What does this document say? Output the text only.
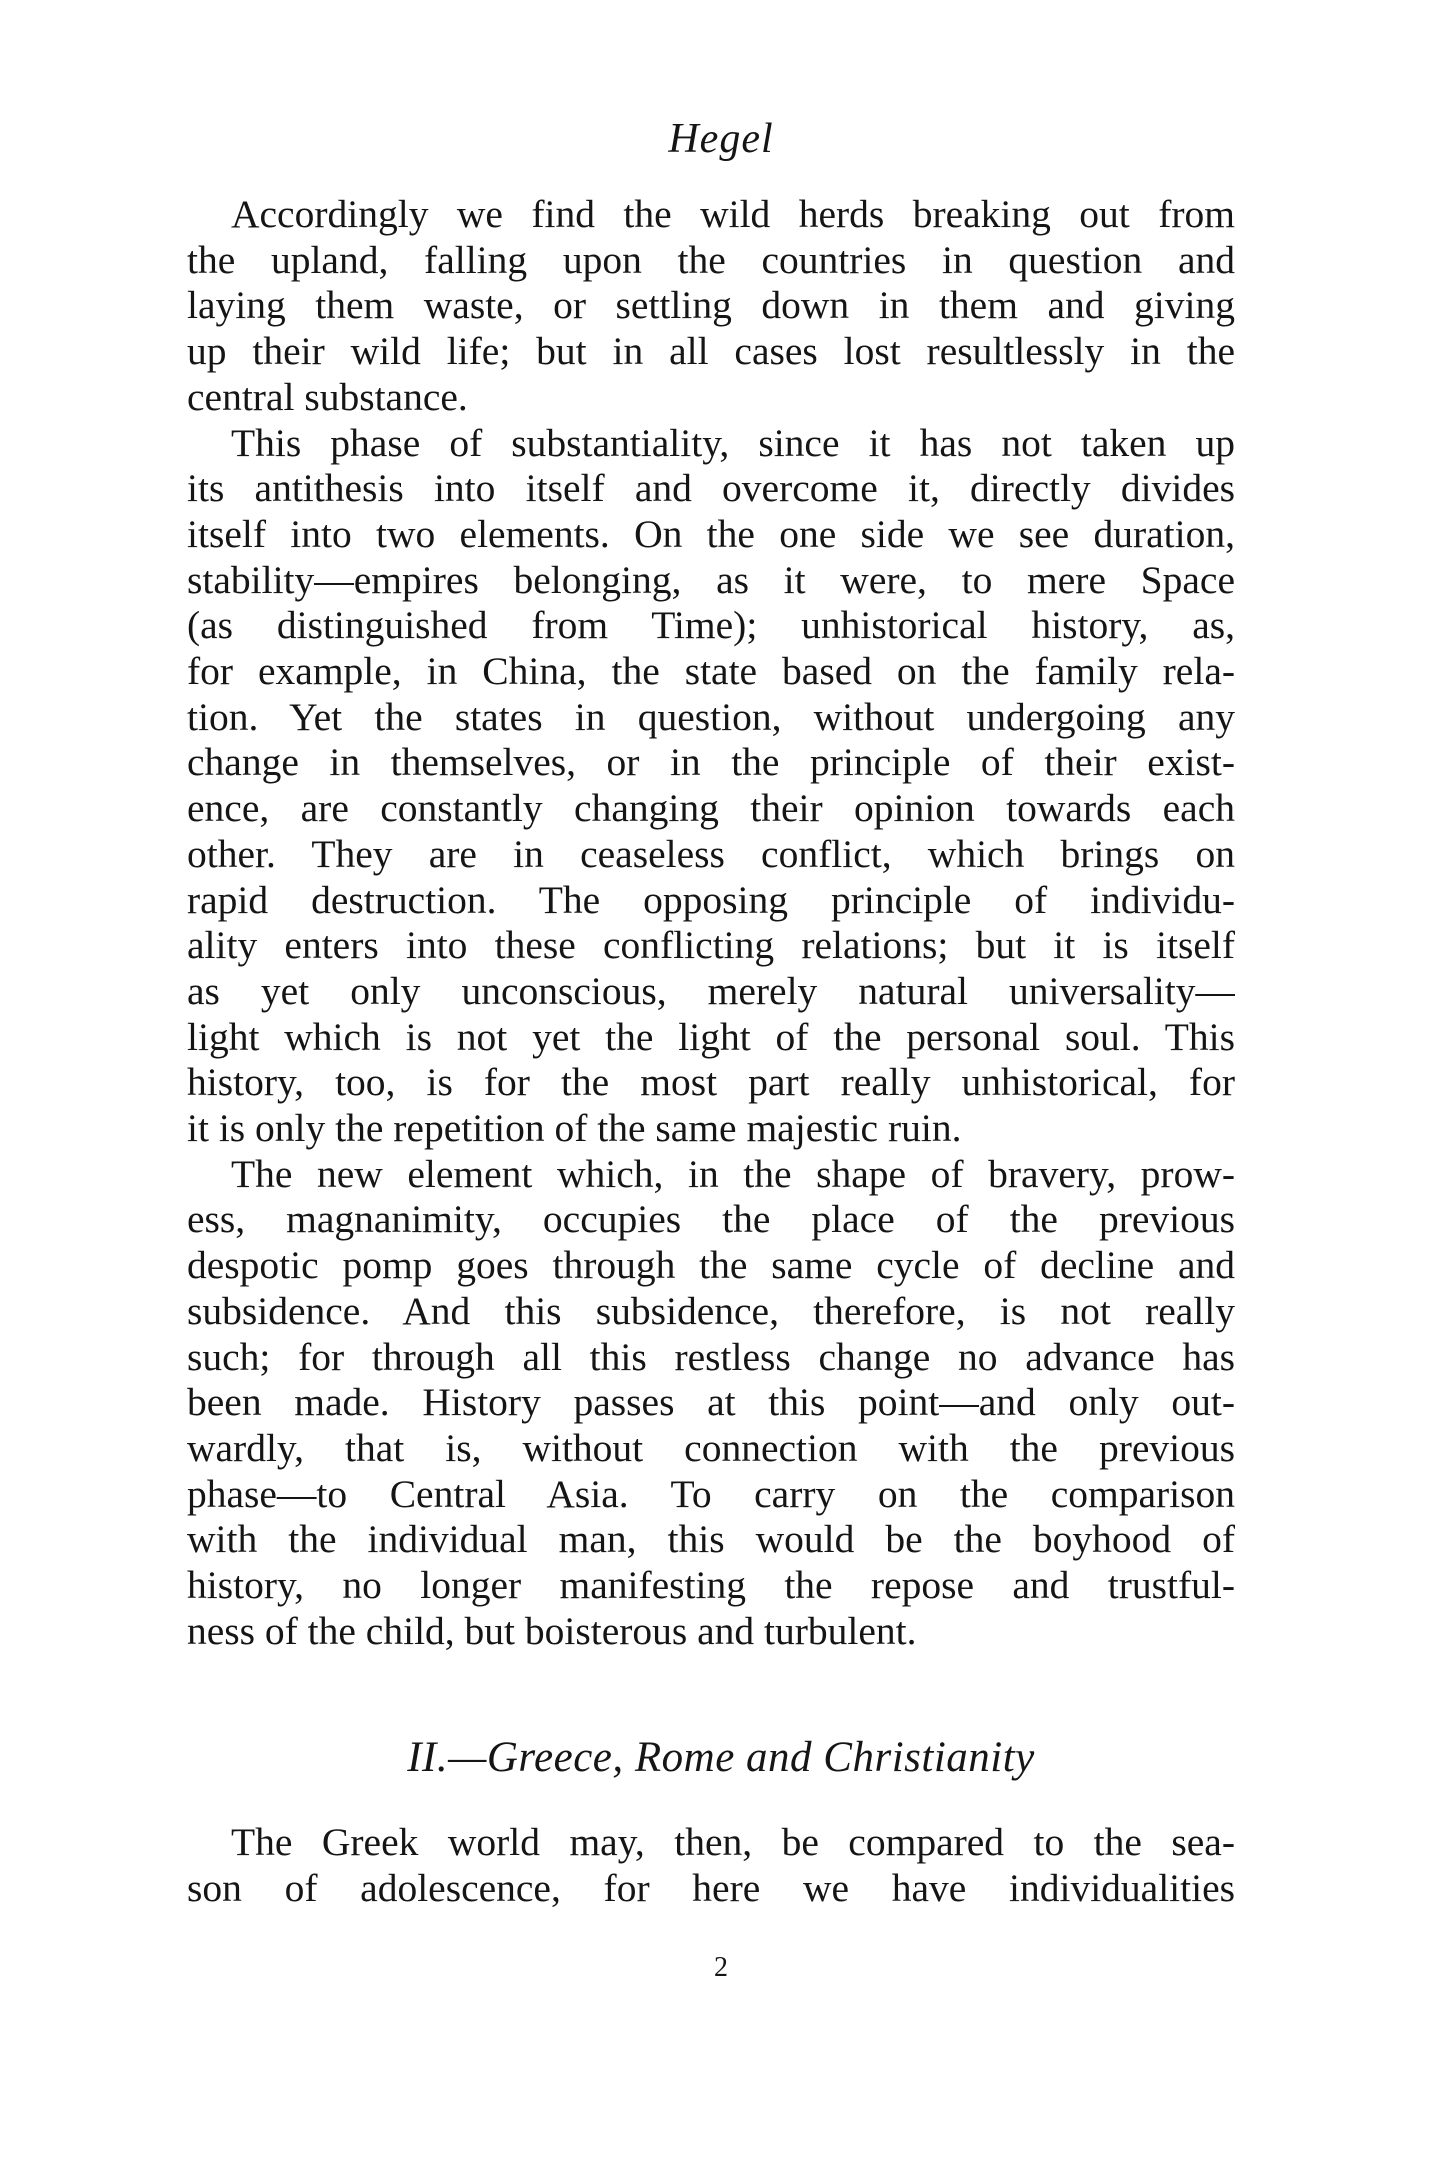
Hegel

Accordingly we find the wild herds breaking out from
the upland, falling upon the countries in question and
laying them waste, or settling down in them and giving
up their wild life; but in all cases lost resultlessly in the
central substance.

This phase of substantiality, since it has not taken up
its antithesis into itself and overcome it, directly divides
itself into two elements. On the one side we see duration,
stability—empires belonging, as it were, to mere Space
(as distinguished from Time); unhistorical history, as,
for example, in China, the state based on the family rela-
tion. Yet the states in question, without undergoing any
change in themselves, or in the principle of their exist-
ence, are constantly changing their opinion towards each
other. They are in ceaseless conflict, which brings on
rapid destruction. The opposing principle of individu-
ality enters into these conflicting relations; but it is itself
as yet only unconscious, merely natural universality—
light which is not yet the light of the personal soul. This
history, too, is for the most part really unhistorical, for
it is only the repetition of the same majestic ruin.

The new element which, in the shape of bravery, prow-
ess, magnanimity, occupies the place of the previous
despotic pomp goes through the same cycle of decline and
subsidence. And this subsidence, therefore, is not really
such; for through all this restless change no advance has
been made. History passes at this point—and only out-
wardly, that is, without connection with the previous
phase—to Central Asia. To carry on the comparison
with the individual man, this would be the boyhood of
history, no longer manifesting the repose and trustful-
ness of the child, but boisterous and turbulent.

II.—Greece, Rome and Christianity

The Greek world may, then, be compared to the sea-
son of adolescence, for here we have individualities

2
